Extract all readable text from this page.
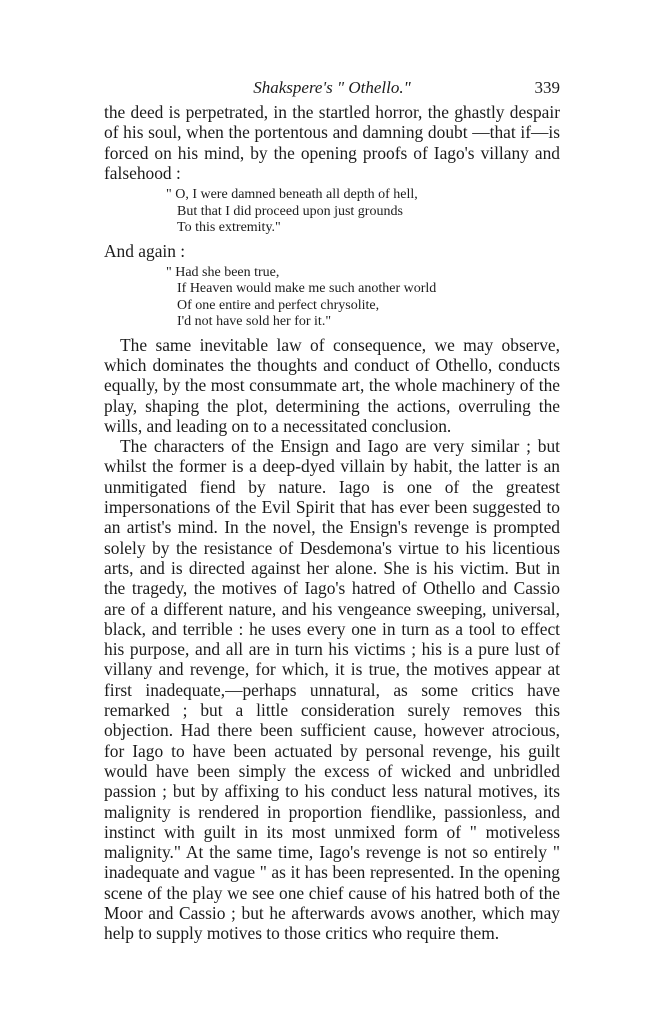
Shakspere's " Othello."	339

the deed is perpetrated, in the startled horror, the ghastly despair of his soul, when the portentous and damning doubt —that if—is forced on his mind, by the opening proofs of Iago's villany and falsehood :

" O, I were damned beneath all depth of hell,
But that I did proceed upon just grounds
To this extremity."

And again :

" Had she been true,
If Heaven would make me such another world
Of one entire and perfect chrysolite,
I'd not have sold her for it."

The same inevitable law of consequence, we may observe, which dominates the thoughts and conduct of Othello, conducts equally, by the most consummate art, the whole machinery of the play, shaping the plot, determining the actions, overruling the wills, and leading on to a necessitated conclusion.

The characters of the Ensign and Iago are very similar ; but whilst the former is a deep-dyed villain by habit, the latter is an unmitigated fiend by nature. Iago is one of the greatest impersonations of the Evil Spirit that has ever been suggested to an artist's mind. In the novel, the Ensign's revenge is prompted solely by the resistance of Desdemona's virtue to his licentious arts, and is directed against her alone. She is his victim. But in the tragedy, the motives of Iago's hatred of Othello and Cassio are of a different nature, and his vengeance sweeping, universal, black, and terrible : he uses every one in turn as a tool to effect his purpose, and all are in turn his victims ; his is a pure lust of villany and revenge, for which, it is true, the motives appear at first inadequate,—perhaps unnatural, as some critics have remarked ; but a little consideration surely removes this objection. Had there been sufficient cause, however atrocious, for Iago to have been actuated by personal revenge, his guilt would have been simply the excess of wicked and unbridled passion ; but by affixing to his conduct less natural motives, its malignity is rendered in proportion fiendlike, passionless, and instinct with guilt in its most unmixed form of " motiveless malignity." At the same time, Iago's revenge is not so entirely " inadequate and vague " as it has been represented. In the opening scene of the play we see one chief cause of his hatred both of the Moor and Cassio ; but he afterwards avows another, which may help to supply motives to those critics who require them.
